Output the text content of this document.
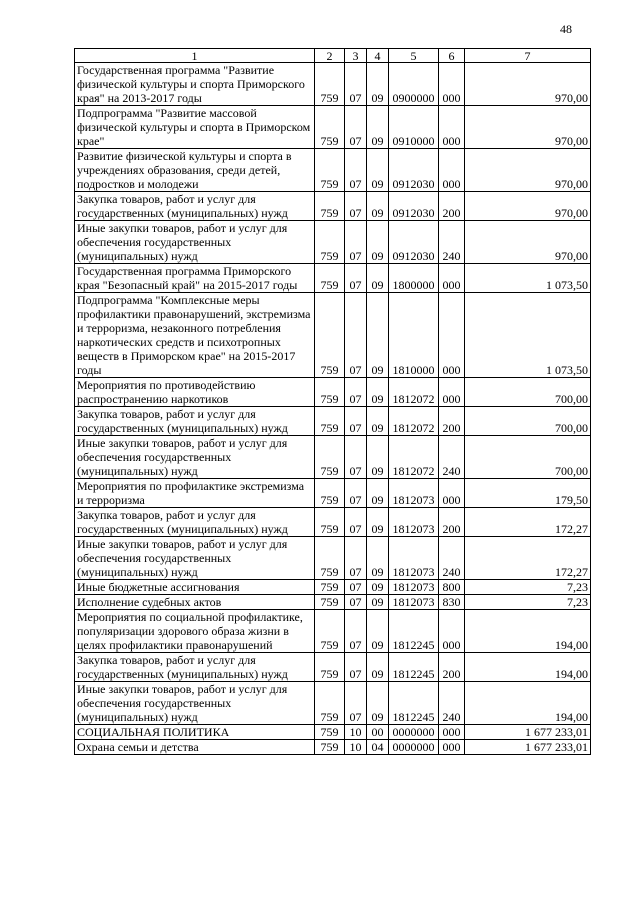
48
1	2	3	4	5	6	7
Государственная программа "Развитие физической культуры и спорта Приморского края" на 2013-2017 годы	759	07	09	0900000	000	970,00
Подпрограмма "Развитие массовой физической культуры и спорта в Приморском крае"	759	07	09	0910000	000	970,00
Развитие физической культуры и спорта в учреждениях образования, среди детей, подростков и молодежи	759	07	09	0912030	000	970,00
Закупка товаров, работ и услуг для государственных (муниципальных) нужд	759	07	09	0912030	200	970,00
Иные закупки товаров, работ и услуг для обеспечения государственных (муниципальных) нужд	759	07	09	0912030	240	970,00
Государственная программа Приморского края "Безопасный край" на 2015-2017 годы	759	07	09	1800000	000	1 073,50
Подпрограмма "Комплексные меры профилактики правонарушений, экстремизма и терроризма, незаконного потребления наркотических средств и психотропных веществ в Приморском крае" на 2015-2017 годы	759	07	09	1810000	000	1 073,50
Мероприятия по противодействию распространению наркотиков	759	07	09	1812072	000	700,00
Закупка товаров, работ и услуг для государственных (муниципальных) нужд	759	07	09	1812072	200	700,00
Иные закупки товаров, работ и услуг для обеспечения государственных (муниципальных) нужд	759	07	09	1812072	240	700,00
Мероприятия по профилактике экстремизма и терроризма	759	07	09	1812073	000	179,50
Закупка товаров, работ и услуг для государственных (муниципальных) нужд	759	07	09	1812073	200	172,27
Иные закупки товаров, работ и услуг для обеспечения государственных (муниципальных) нужд	759	07	09	1812073	240	172,27
Иные бюджетные ассигнования	759	07	09	1812073	800	7,23
Исполнение судебных актов	759	07	09	1812073	830	7,23
Мероприятия по социальной профилактике, популяризации здорового образа жизни в целях профилактики правонарушений	759	07	09	1812245	000	194,00
Закупка товаров, работ и услуг для государственных (муниципальных) нужд	759	07	09	1812245	200	194,00
Иные закупки товаров, работ и услуг для обеспечения государственных (муниципальных) нужд	759	07	09	1812245	240	194,00
СОЦИАЛЬНАЯ ПОЛИТИКА	759	10	00	0000000	000	1 677 233,01
Охрана семьи и детства	759	10	04	0000000	000	1 677 233,01
